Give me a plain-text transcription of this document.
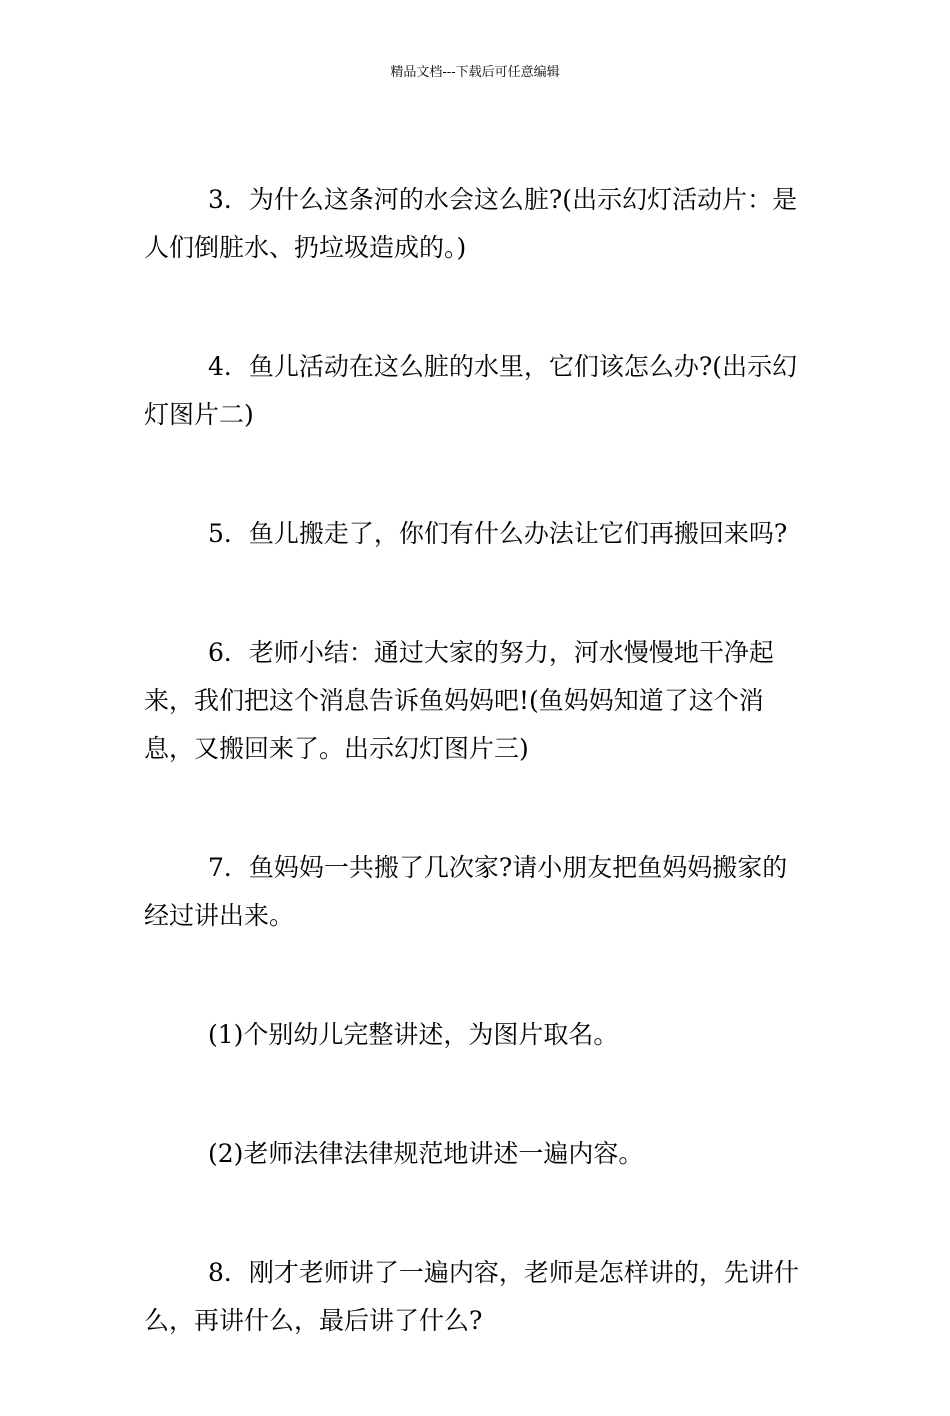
精品文档---下载后可任意编辑

3．为什么这条河的水会这么脏?(出示幻灯活动片：是人们倒脏水、扔垃圾造成的。)

4．鱼儿活动在这么脏的水里，它们该怎么办?(出示幻灯图片二)

5．鱼儿搬走了，你们有什么办法让它们再搬回来吗?

6．老师小结：通过大家的努力，河水慢慢地干净起来，我们把这个消息告诉鱼妈妈吧!(鱼妈妈知道了这个消息，又搬回来了。出示幻灯图片三)

7．鱼妈妈一共搬了几次家?请小朋友把鱼妈妈搬家的经过讲出来。

(1)个别幼儿完整讲述，为图片取名。

(2)老师法律法律规范地讲述一遍内容。

8．刚才老师讲了一遍内容，老师是怎样讲的，先讲什么，再讲什么，最后讲了什么?
